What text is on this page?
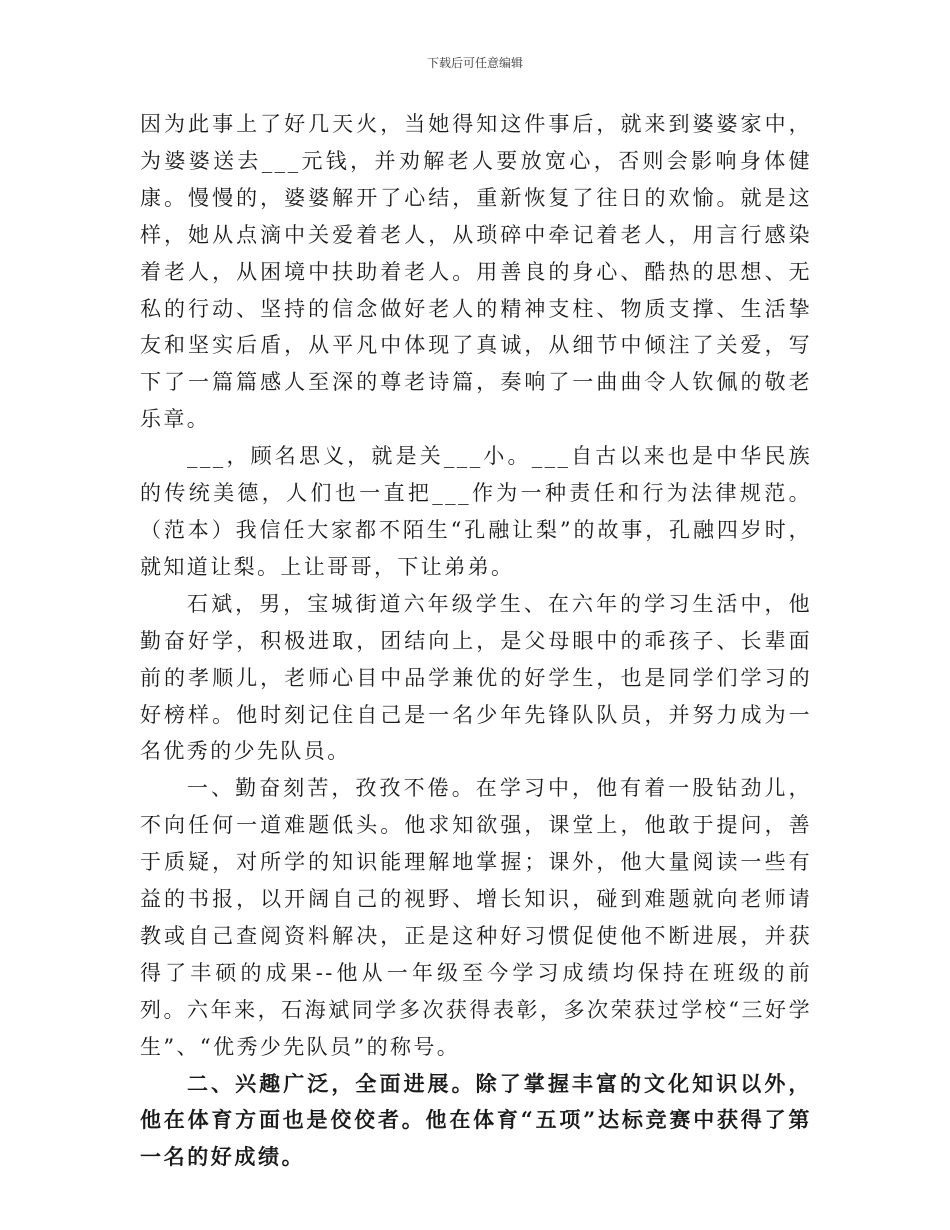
下载后可任意编辑

因为此事上了好几天火，当她得知这件事后，就来到婆婆家中，为婆婆送去___元钱，并劝解老人要放宽心，否则会影响身体健康。慢慢的，婆婆解开了心结，重新恢复了往日的欢愉。就是这样，她从点滴中关爱着老人，从琐碎中牵记着老人，用言行感染着老人，从困境中扶助着老人。用善良的身心、酷热的思想、无私的行动、坚持的信念做好老人的精神支柱、物质支撑、生活挚友和坚实后盾，从平凡中体现了真诚，从细节中倾注了关爱，写下了一篇篇感人至深的尊老诗篇，奏响了一曲曲令人钦佩的敬老乐章。

___，顾名思义，就是关___小。___自古以来也是中华民族的传统美德，人们也一直把___作为一种责任和行为法律规范。（范本）我信任大家都不陌生“孔融让梨”的故事，孔融四岁时，就知道让梨。上让哥哥，下让弟弟。

石斌，男，宝城街道六年级学生、在六年的学习生活中，他勤奋好学，积极进取，团结向上，是父母眼中的乖孩子、长辈面前的孝顺儿，老师心目中品学兼优的好学生，也是同学们学习的好榜样。他时刻记住自己是一名少年先锋队队员，并努力成为一名优秀的少先队员。

一、勤奋刻苦，孜孜不倦。在学习中，他有着一股钻劲儿，不向任何一道难题低头。他求知欲强，课堂上，他敢于提问，善于质疑，对所学的知识能理解地掌握；课外，他大量阅读一些有益的书报，以开阔自己的视野、增长知识，碰到难题就向老师请教或自己查阅资料解决，正是这种好习惯促使他不断进展，并获得了丰硕的成果--他从一年级至今学习成绩均保持在班级的前列。六年来，石海斌同学多次获得表彰，多次荣获过学校“三好学生”、“优秀少先队员”的称号。

二、兴趣广泛，全面进展。除了掌握丰富的文化知识以外，他在体育方面也是佼佼者。他在体育“五项”达标竞赛中获得了第一名的好成绩。
